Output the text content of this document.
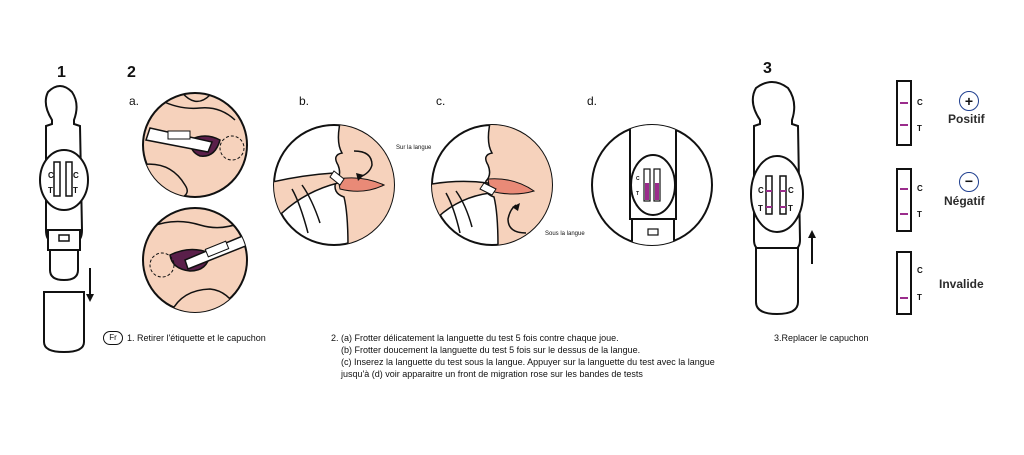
1
C
T
C
T
Fr	1. Retirer l'étiquette et le capuchon
2
a.	b.	c.	d.
Sur la langue
Sous la langue
C
T
2. (a) Frotter délicatement la languette du test 5 fois contre chaque joue.
(b) Frotter doucement la languette du test 5 fois sur le dessus de la langue.
(c) Inserez la languette du test sous la langue. Appuyer sur la languette du test avec la langue
jusqu'à (d) voir apparaitre un front de migration rose sur les bandes de tests
3
C
T
C
T
3.Replacer le capuchon
C
T
+
Positif
C
T
−
Négatif
C
T
Invalide
